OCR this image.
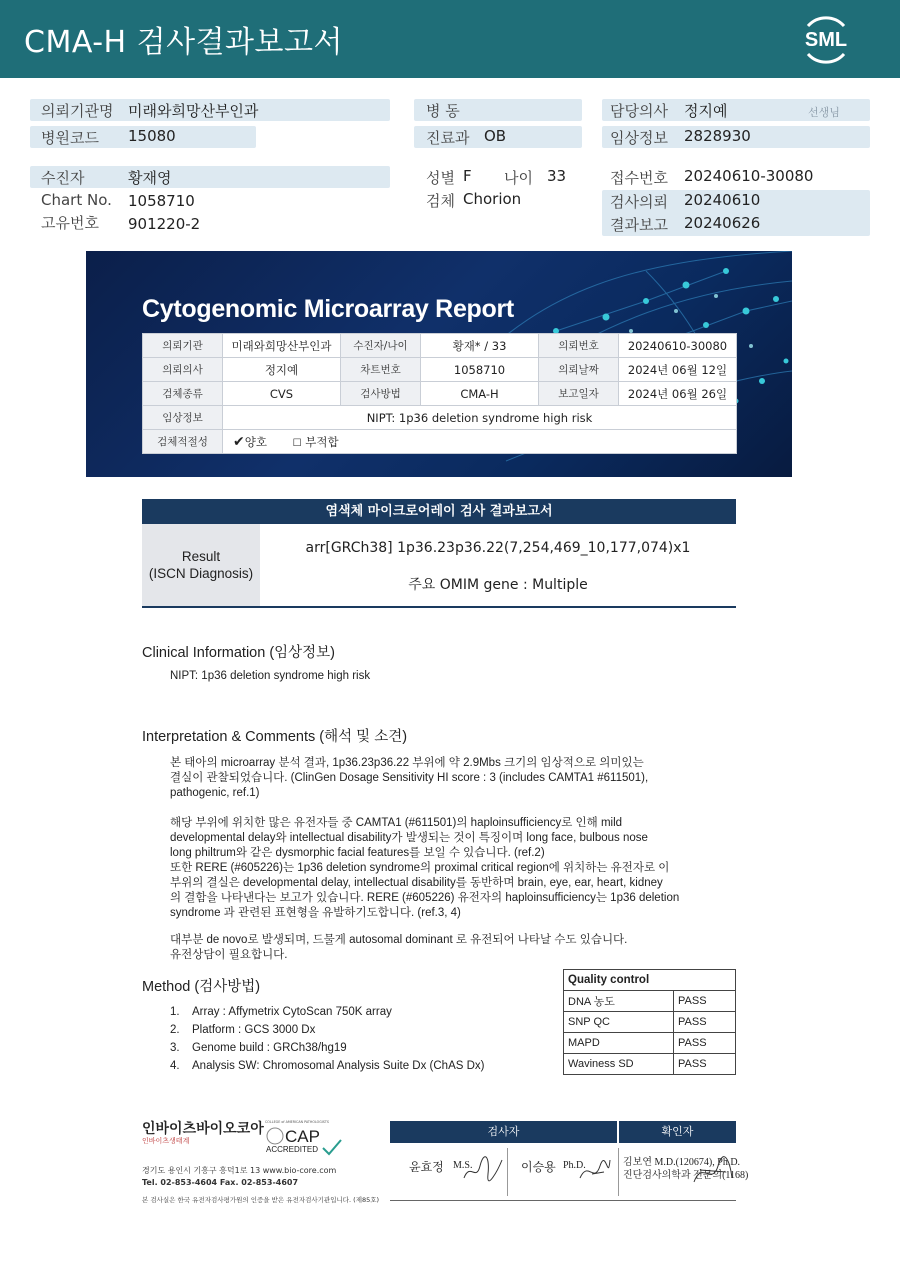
CMA-H 검사결과보고서	SML
의뢰기관명 미래와희망산부인과
병원코드 15080
병 동
진료과 OB
담당의사 정지예	선생님
임상정보 2828930
수진자	황재영
Chart No. 1058710
고유번호 901220-2
성별 F 나이 33
검체 Chorion
접수번호 20240610-30080
검사의뢰 20240610
결과보고 20240626
Cytogenomic Microarray Report
의뢰기관	미래와희망산부인과	수진자/나이	황재* / 33	의뢰번호	20240610-30080
의뢰의사	정지예	차트번호	1058710	의뢰날짜	2024년 06월 12일
검체종류	CVS	검사방법	CMA-H	보고일자	2024년 06월 26일
임상정보	NIPT: 1p36 deletion syndrome high risk				
검체적절성	✔양호 ☐ 부적합				
염색체 마이크로어레이 검사 결과보고서
Result
(ISCN Diagnosis)
arr[GRCh38] 1p36.23p36.22(7,254,469_10,177,074)x1
주요 OMIM gene : Multiple
Clinical Information (임상정보)
NIPT: 1p36 deletion syndrome high risk
Interpretation & Comments (해석 및 소견)
본 태아의 microarray 분석 결과, 1p36.23p36.22 부위에 약 2.9Mbs 크기의 임상적으로 의미있는
결실이 관찰되었습니다. (ClinGen Dosage Sensitivity HI score : 3 (includes CAMTA1 #611501),
pathogenic, ref.1)
해당 부위에 위치한 많은 유전자들 중 CAMTA1 (#611501)의 haploinsufficiency로 인해 mild
developmental delay와 intellectual disability가 발생되는 것이 특징이며 long face, bulbous nose
long philtrum와 같은 dysmorphic facial features를 보일 수 있습니다. (ref.2)
또한 RERE (#605226)는 1p36 deletion syndrome의 proximal critical region에 위치하는 유전자로 이
부위의 결실은 developmental delay, intellectual disability를 동반하며 brain, eye, ear, heart, kidney
의 결함을 나타낸다는 보고가 있습니다. RERE (#605226) 유전자의 haploinsufficiency는 1p36 deletion
syndrome 과 관련된 표현형을 유발하기도합니다. (ref.3, 4)
대부분 de novo로 발생되며, 드물게 autosomal dominant 로 유전되어 나타날 수도 있습니다.
유전상담이 필요합니다.
Method (검사방법)
1. Array : Affymetrix CytoScan 750K array
2. Platform : GCS 3000 Dx
3. Genome build : GRCh38/hg19
4. Analysis SW: Chromosomal Analysis Suite Dx (ChAS Dx)
Quality control	
DNA 농도	PASS
SNP QC	PASS
MAPD	PASS
Waviness SD	PASS
인바이츠바이오코아
인바이츠생태계
COLLEGE of AMERICAN PATHOLOGISTS
CAP
ACCREDITED
경기도 용인시 기흥구 흥덕1로 13 www.bio-core.com
Tel. 02-853-4604 Fax. 02-853-4607
본 검사실은 한국 유전자검사평가원의 인증을 받은 유전자검사기관입니다. (제85호)
검사자	확인자
윤효정 M.S.	이승용 Ph.D.	김보연 M.D.(120674), Ph.D.
진단검사의학과 전문의(1168)
